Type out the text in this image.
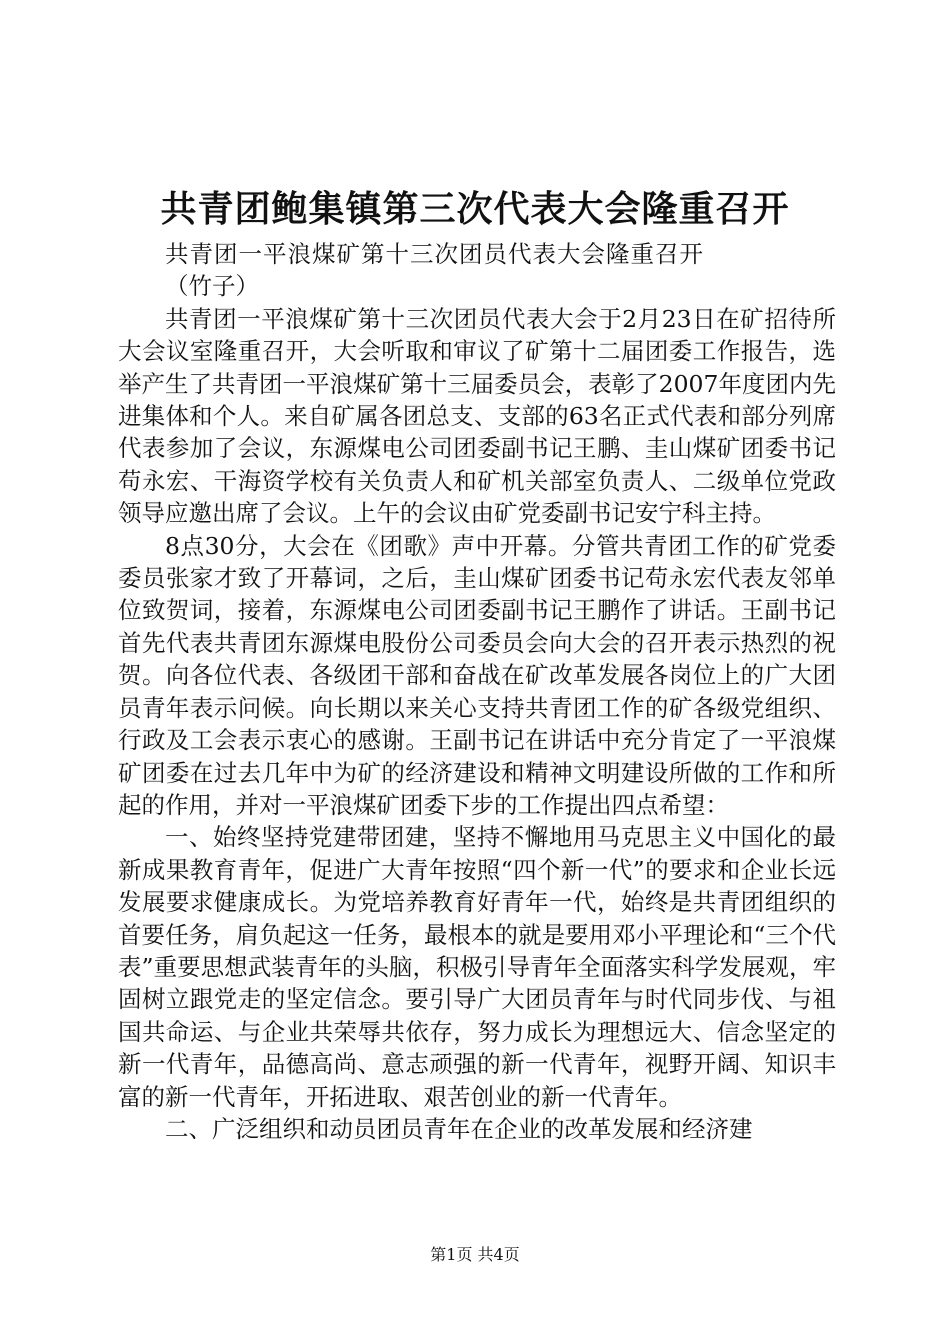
共青团鲍集镇第三次代表大会隆重召开

共青团一平浪煤矿第十三次团员代表大会隆重召开

（竹子）

共青团一平浪煤矿第十三次团员代表大会于2月23日在矿招待所大会议室隆重召开，大会听取和审议了矿第十二届团委工作报告，选举产生了共青团一平浪煤矿第十三届委员会，表彰了2007年度团内先进集体和个人。来自矿属各团总支、支部的63名正式代表和部分列席代表参加了会议，东源煤电公司团委副书记王鹏、圭山煤矿团委书记苟永宏、干海资学校有关负责人和矿机关部室负责人、二级单位党政领导应邀出席了会议。上午的会议由矿党委副书记安宁科主持。

8点30分，大会在《团歌》声中开幕。分管共青团工作的矿党委委员张家才致了开幕词，之后，圭山煤矿团委书记苟永宏代表友邻单位致贺词，接着，东源煤电公司团委副书记王鹏作了讲话。王副书记首先代表共青团东源煤电股份公司委员会向大会的召开表示热烈的祝贺。向各位代表、各级团干部和奋战在矿改革发展各岗位上的广大团员青年表示问候。向长期以来关心支持共青团工作的矿各级党组织、行政及工会表示衷心的感谢。王副书记在讲话中充分肯定了一平浪煤矿团委在过去几年中为矿的经济建设和精神文明建设所做的工作和所起的作用，并对一平浪煤矿团委下步的工作提出四点希望：

一、始终坚持党建带团建，坚持不懈地用马克思主义中国化的最新成果教育青年，促进广大青年按照“四个新一代”的要求和企业长远发展要求健康成长。为党培养教育好青年一代，始终是共青团组织的首要任务，肩负起这一任务，最根本的就是要用邓小平理论和“三个代表”重要思想武装青年的头脑，积极引导青年全面落实科学发展观，牢固树立跟党走的坚定信念。要引导广大团员青年与时代同步伐、与祖国共命运、与企业共荣辱共依存，努力成长为理想远大、信念坚定的新一代青年，品德高尚、意志顽强的新一代青年，视野开阔、知识丰富的新一代青年，开拓进取、艰苦创业的新一代青年。

二、广泛组织和动员团员青年在企业的改革发展和经济建

第1页 共4页
